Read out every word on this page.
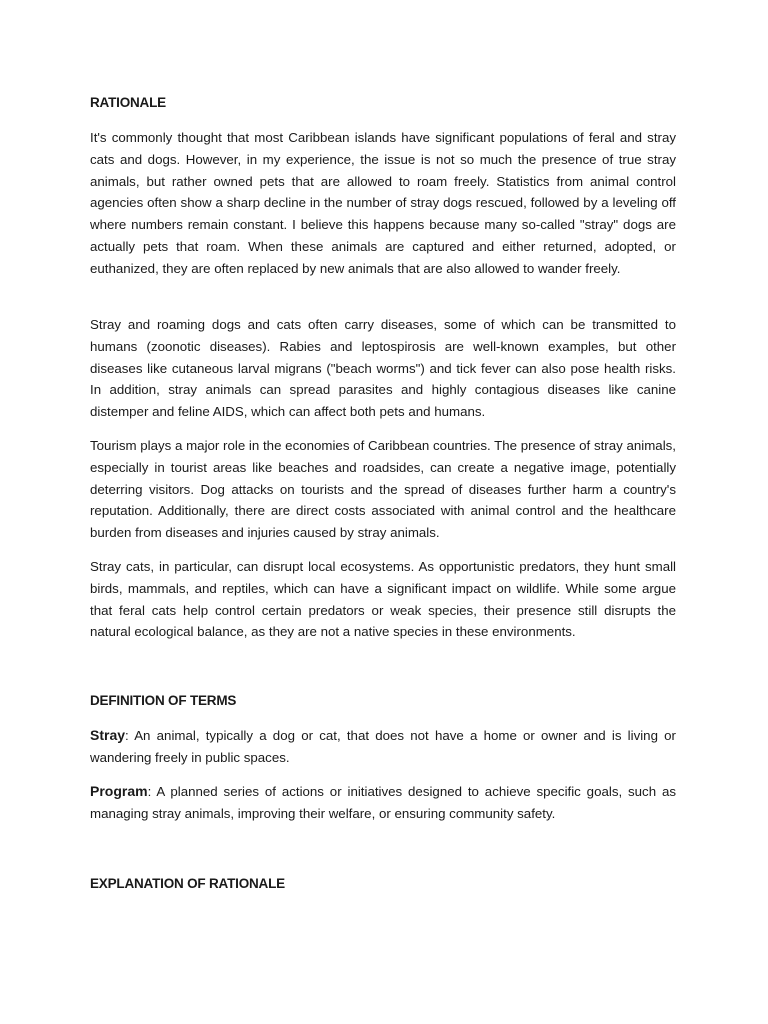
RATIONALE

It's commonly thought that most Caribbean islands have significant populations of feral and stray cats and dogs. However, in my experience, the issue is not so much the presence of true stray animals, but rather owned pets that are allowed to roam freely. Statistics from animal control agencies often show a sharp decline in the number of stray dogs rescued, followed by a leveling off where numbers remain constant. I believe this happens because many so-called "stray" dogs are actually pets that roam. When these animals are captured and either returned, adopted, or euthanized, they are often replaced by new animals that are also allowed to wander freely.

Stray and roaming dogs and cats often carry diseases, some of which can be transmitted to humans (zoonotic diseases). Rabies and leptospirosis are well-known examples, but other diseases like cutaneous larval migrans ("beach worms") and tick fever can also pose health risks. In addition, stray animals can spread parasites and highly contagious diseases like canine distemper and feline AIDS, which can affect both pets and humans.

Tourism plays a major role in the economies of Caribbean countries. The presence of stray animals, especially in tourist areas like beaches and roadsides, can create a negative image, potentially deterring visitors. Dog attacks on tourists and the spread of diseases further harm a country's reputation. Additionally, there are direct costs associated with animal control and the healthcare burden from diseases and injuries caused by stray animals.

Stray cats, in particular, can disrupt local ecosystems. As opportunistic predators, they hunt small birds, mammals, and reptiles, which can have a significant impact on wildlife. While some argue that feral cats help control certain predators or weak species, their presence still disrupts the natural ecological balance, as they are not a native species in these environments.

DEFINITION OF TERMS

Stray: An animal, typically a dog or cat, that does not have a home or owner and is living or wandering freely in public spaces.

Program: A planned series of actions or initiatives designed to achieve specific goals, such as managing stray animals, improving their welfare, or ensuring community safety.

EXPLANATION OF RATIONALE
